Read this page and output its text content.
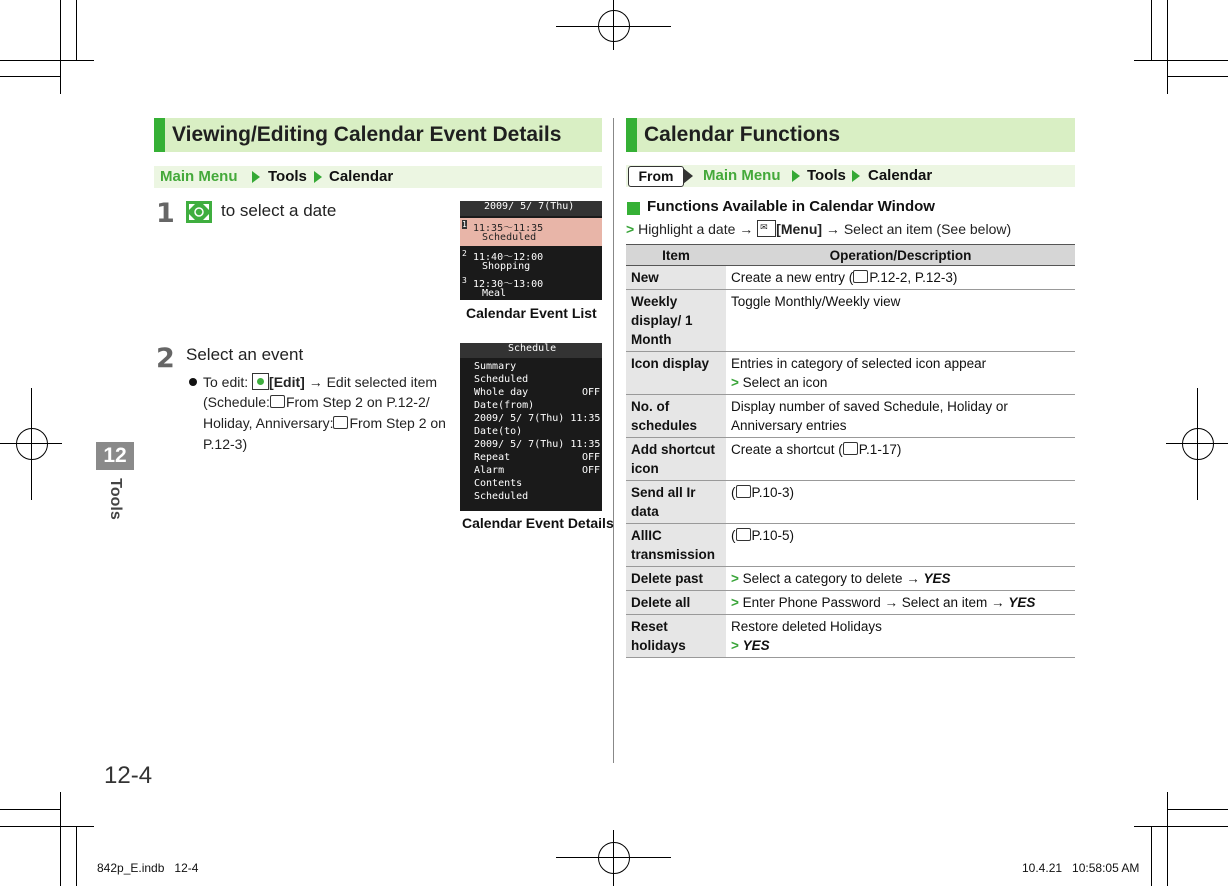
12
Tools
Viewing/Editing Calendar Event Details
Main Menu Tools Calendar
1	to select a date	2009/ 5/ 7(Thu)
1 11:35～11:35
Scheduled
2 11:40～12:00
Shopping
3 12:30～13:00
Meal
Calendar Event List
2 Select an event
To edit: [Edit] → Edit selected item
(Schedule: From Step 2 on P.12-2/
Holiday, Anniversary: From Step 2 on
P.12-3)
Schedule
Summary
Scheduled
Whole day	OFF
Date(from)
2009/ 5/ 7(Thu) 11:35
Date(to)
2009/ 5/ 7(Thu) 11:35
Repeat	OFF
Alarm	OFF
Contents
Scheduled
Calendar Event Details
Calendar Functions
From	Main Menu Tools Calendar
Functions Available in Calendar Window
> Highlight a date → ✉ [Menu] → Select an item (See below)
Item	Operation/Description
New	Create a new entry ( P.12-2, P.12-3)
Weekly display/ 1 Month	Toggle Monthly/Weekly view
Icon display	Entries in category of selected icon appear
> Select an icon

No. of schedules	Display number of saved Schedule, Holiday or Anniversary entries
Add shortcut icon	Create a shortcut ( P.1-17)
Send all Ir data	( P.10-3)
AllIC transmission	( P.10-5)
Delete past	> Select a category to delete → YES
Delete all	> Enter Phone Password → Select an item → YES
Reset holidays	Restore deleted Holidays
> YES
12-4
842p_E.indb   12-4	10.4.21   10:58:05 AM
